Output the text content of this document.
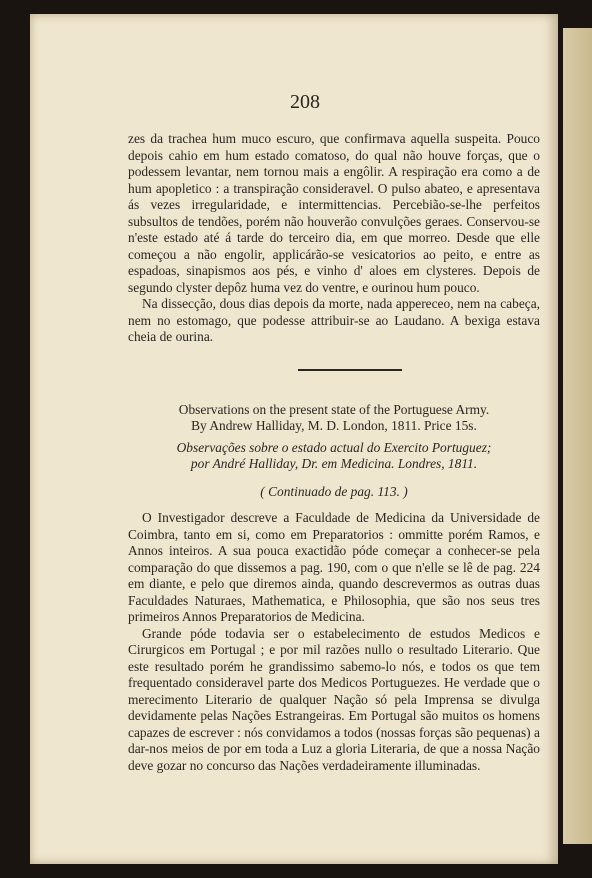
208

zes da trachea hum muco escuro, que confirmava aquella suspeita. Pouco depois cahio em hum estado comatoso, do qual não houve forças, que o podessem levantar, nem tornou mais a engôlir. A respiração era como a de hum apopletico : a transpiração consideravel. O pulso abateo, e apresentava ás vezes irregularidade, e intermittencias. Percebião-se-lhe perfeitos subsultos de tendões, porém não houverão convulções geraes. Conservou-se n'este estado até á tarde do terceiro dia, em que morreo. Desde que elle começou a não engolir, applicárão-se vesicatorios ao peito, e entre as espadoas, sinapismos aos pés, e vinho d' aloes em clysteres. Depois de segundo clyster depôz huma vez do ventre, e ourinou hum pouco.

Na dissecção, dous dias depois da morte, nada appereceo, nem na cabeça, nem no estomago, que podesse attribuir-se ao Laudano. A bexiga estava cheia de ourina.

Observations on the present state of the Portuguese Army.
By Andrew Halliday, M. D. London, 1811. Price 15s.
Observações sobre o estado actual do Exercito Portuguez;
por André Halliday, Dr. em Medicina. Londres, 1811.
( Continuado de pag. 113. )

O Investigador descreve a Faculdade de Medicina da Universidade de Coimbra, tanto em si, como em Preparatorios : ommitte porém Ramos, e Annos inteiros. A sua pouca exactidão póde começar a conhecer-se pela comparação do que dissemos a pag. 190, com o que n'elle se lê de pag. 224 em diante, e pelo que diremos ainda, quando descrevermos as outras duas Faculdades Naturaes, Mathematica, e Philosophia, que são nos seus tres primeiros Annos Preparatorios de Medicina.

Grande póde todavia ser o estabelecimento de estudos Medicos e Cirurgicos em Portugal ; e por mil razões nullo o resultado Literario. Que este resultado porém he grandissimo sabemo-lo nós, e todos os que tem frequentado consideravel parte dos Medicos Portuguezes. He verdade que o merecimento Literario de qualquer Nação só pela Imprensa se divulga devidamente pelas Nações Estrangeiras. Em Portugal são muitos os homens capazes de escrever : nós convidamos a todos (nossas forças são pequenas) a dar-nos meios de por em toda a Luz a gloria Literaria, de que a nossa Nação deve gozar no concurso das Nações verdadeiramente illuminadas.
